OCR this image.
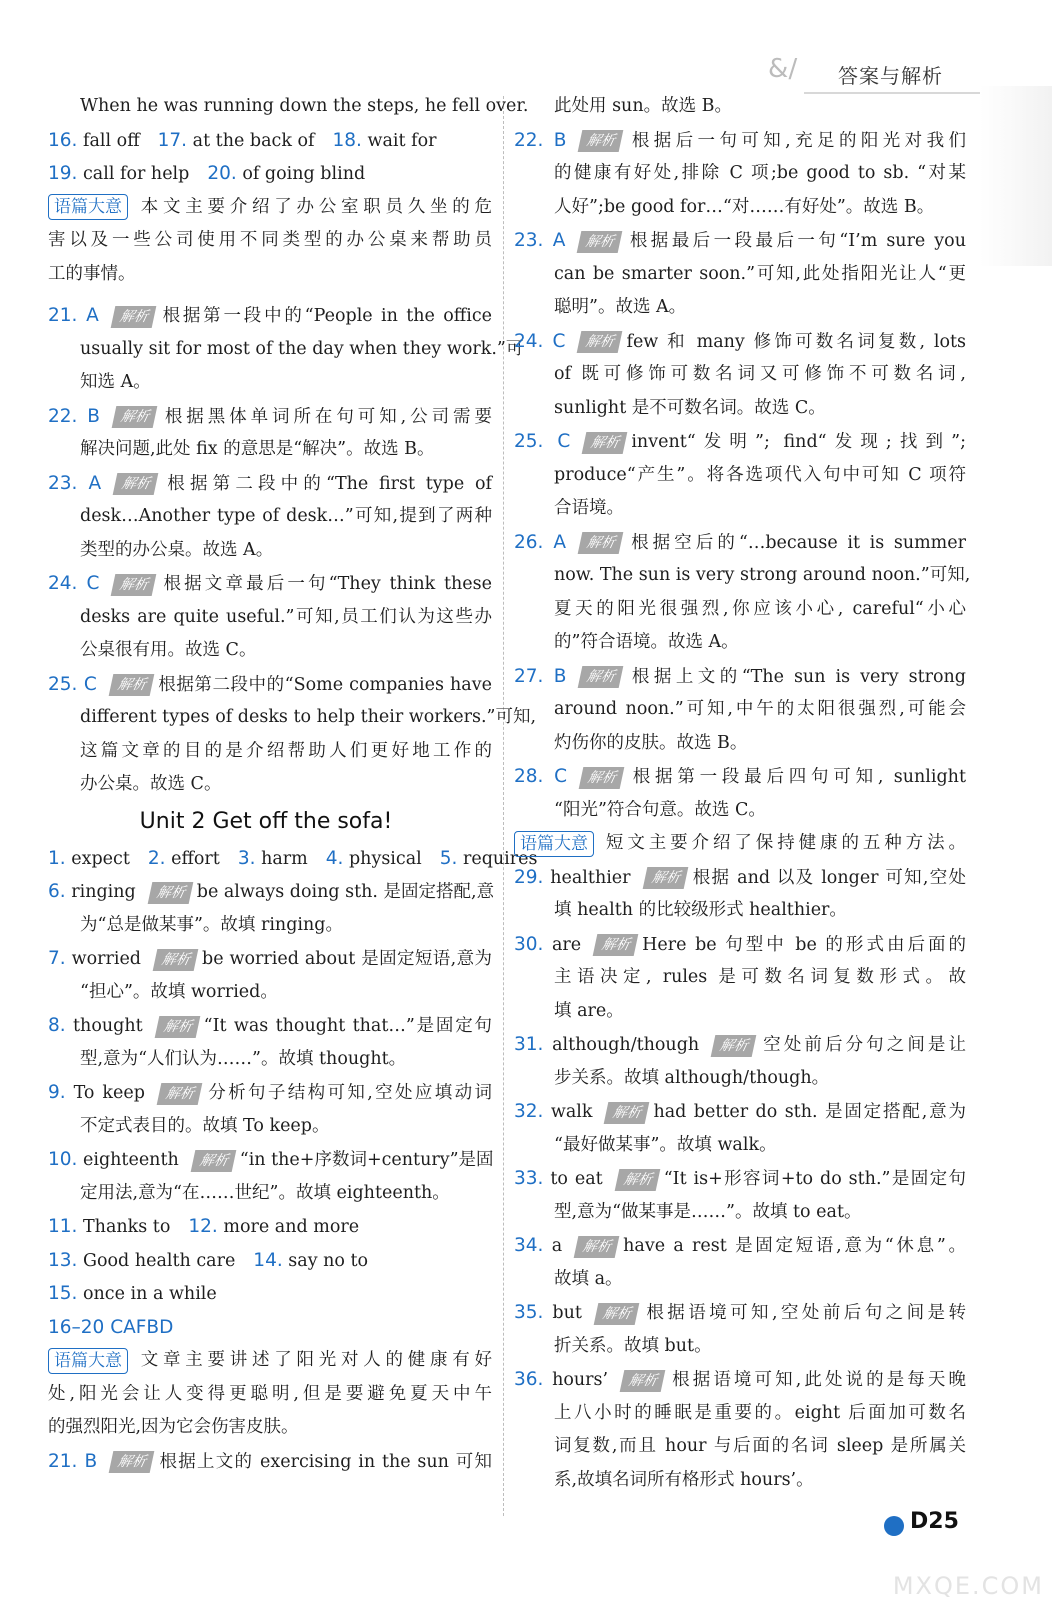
& / 答案与解析
When he was running down the steps, he fell over.
16. fall off 17. at the back of 18. wait for
19. call for help 20. of going blind
语篇大意 本文主要介绍了办公室职员久坐的危
害以及一些公司使用不同类型的办公桌来帮助员
工的事情。
21. A 解析 根据第一段中的“People in the office
usually sit for most of the day when they work.”可
知选 A。
22. B 解析 根据黑体单词所在句可知,公司需要
解决问题,此处 fix 的意思是“解决”。故选 B。
23. A 解析 根据第二段中的“The first type of
desk…Another type of desk…”可知,提到了两种
类型的办公桌。故选 A。
24. C 解析 根据文章最后一句“They think these
desks are quite useful.”可知,员工们认为这些办
公桌很有用。故选 C。
25. C 解析 根据第二段中的“Some companies have
different types of desks to help their workers.”可知,
这篇文章的目的是介绍帮助人们更好地工作的
办公桌。故选 C。
Unit 2 Get off the sofa!
1. expect 2. effort 3. harm 4. physical 5. requires
6. ringing 解析 be always doing sth. 是固定搭配,意
为“总是做某事”。故填 ringing。
7. worried 解析 be worried about 是固定短语,意为
“担心”。故填 worried。
8. thought 解析 “It was thought that…”是固定句
型,意为“人们认为……”。故填 thought。
9. To keep 解析 分析句子结构可知,空处应填动词
不定式表目的。故填 To keep。
10. eighteenth 解析 “in the+序数词+century”是固
定用法,意为“在……世纪”。故填 eighteenth。
11. Thanks to 12. more and more
13. Good health care 14. say no to
15. once in a while
16–20 CAFBD
语篇大意 文章主要讲述了阳光对人的健康有好
处,阳光会让人变得更聪明,但是要避免夏天中午
的强烈阳光,因为它会伤害皮肤。
21. B 解析 根据上文的 exercising in the sun 可知
此处用 sun。故选 B。
22. B 解析 根据后一句可知,充足的阳光对我们
的健康有好处,排除 C 项;be good to sb. “对某
人好”;be good for…“对……有好处”。故选 B。
23. A 解析 根据最后一段最后一句“I’m sure you
can be smarter soon.”可知,此处指阳光让人“更
聪明”。故选 A。
24. C 解析 few 和 many 修饰可数名词复数, lots
of 既可修饰可数名词又可修饰不可数名词,
sunlight 是不可数名词。故选 C。
25. C 解析 invent“发明”; find“发现;找到”;
produce“产生”。将各选项代入句中可知 C 项符
合语境。
26. A 解析 根据空后的“…because it is summer
now. The sun is very strong around noon.”可知,
夏天的阳光很强烈,你应该小心, careful“小心
的”符合语境。故选 A。
27. B 解析 根据上文的“The sun is very strong
around noon.”可知,中午的太阳很强烈,可能会
灼伤你的皮肤。故选 B。
28. C 解析 根据第一段最后四句可知, sunlight
“阳光”符合句意。故选 C。
语篇大意 短文主要介绍了保持健康的五种方法。
29. healthier 解析 根据 and 以及 longer 可知,空处
填 health 的比较级形式 healthier。
30. are 解析 Here be 句型中 be 的形式由后面的
主语决定, rules 是可数名词复数形式。故
填 are。
31. although/though 解析 空处前后分句之间是让
步关系。故填 although/though。
32. walk 解析 had better do sth. 是固定搭配,意为
“最好做某事”。故填 walk。
33. to eat 解析 “It is+形容词+to do sth.”是固定句
型,意为“做某事是……”。故填 to eat。
34. a 解析 have a rest 是固定短语,意为“休息”。
故填 a。
35. but 解析 根据语境可知,空处前后句之间是转
折关系。故填 but。
36. hours’ 解析 根据语境可知,此处说的是每天晚
上八小时的睡眠是重要的。eight 后面加可数名
词复数,而且 hour 与后面的名词 sleep 是所属关
系,故填名词所有格形式 hours’。
D25
MXQE.COM
